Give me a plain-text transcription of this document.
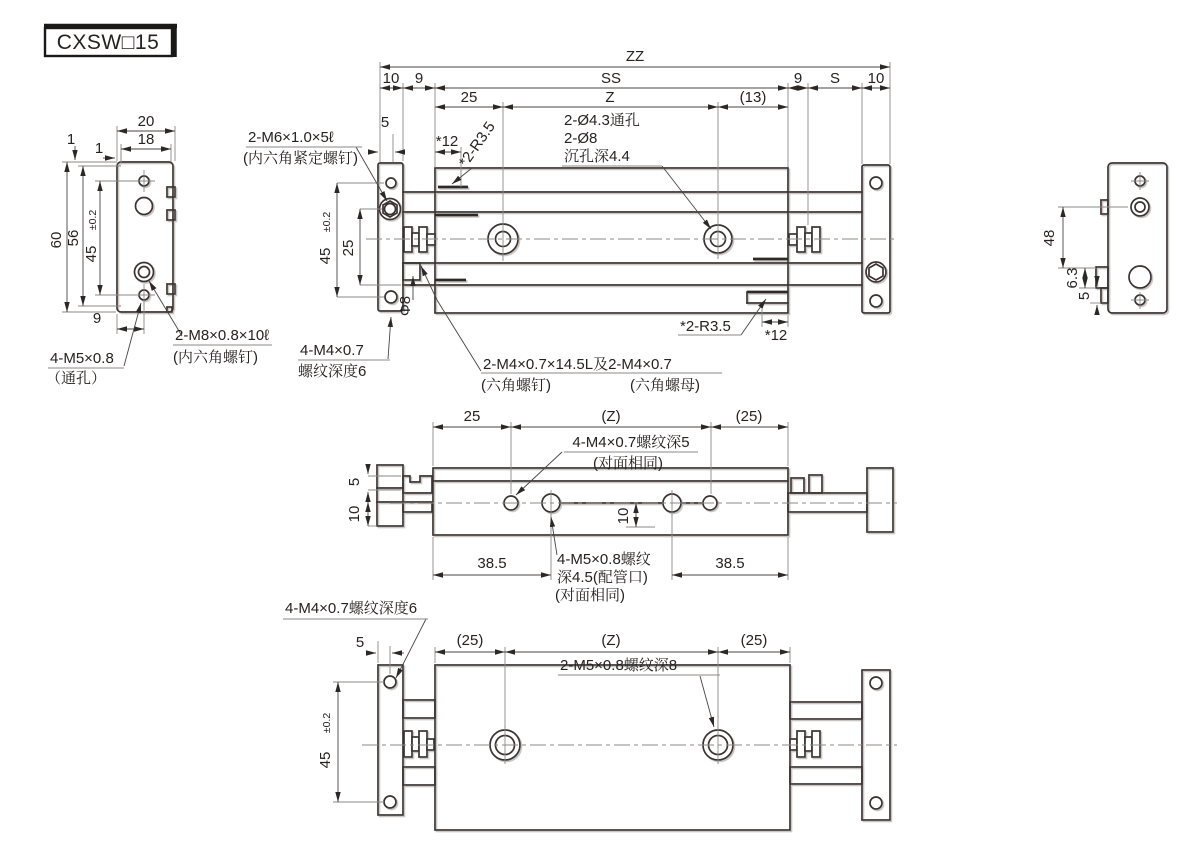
CXSW□15
20
18
1
1
60 56
45
±0.2
9
2-M8×0.8×10ℓ
(内六角螺钉)
4-M5×0.8
（通孔）
ZZ
10 9	SS	9 S 10
25	Z	(13)
5
*12
*2-R3.5
2-M6×1.0×5ℓ
(内六角紧定螺钉)
2-Ø4.3通孔
2-Ø8
沉孔深4.4
45
±0.2
25
Φ8
*2-R3.5
*12
4-M4×0.7
螺纹深度6	2-M4×0.7×14.5L及2-M4×0.7
(六角螺钉)	(六角螺母)
48
6.3
5
25	(Z)	(25)
5
10	10
38.5	38.5
4-M4×0.7螺纹深5
(对面相同)
4-M5×0.8螺纹
深4.5(配管口)
(对面相同)
4-M4×0.7螺纹深度6
5	(25)	(Z)	(25)
2-M5×0.8螺纹深8
45
±0.2
